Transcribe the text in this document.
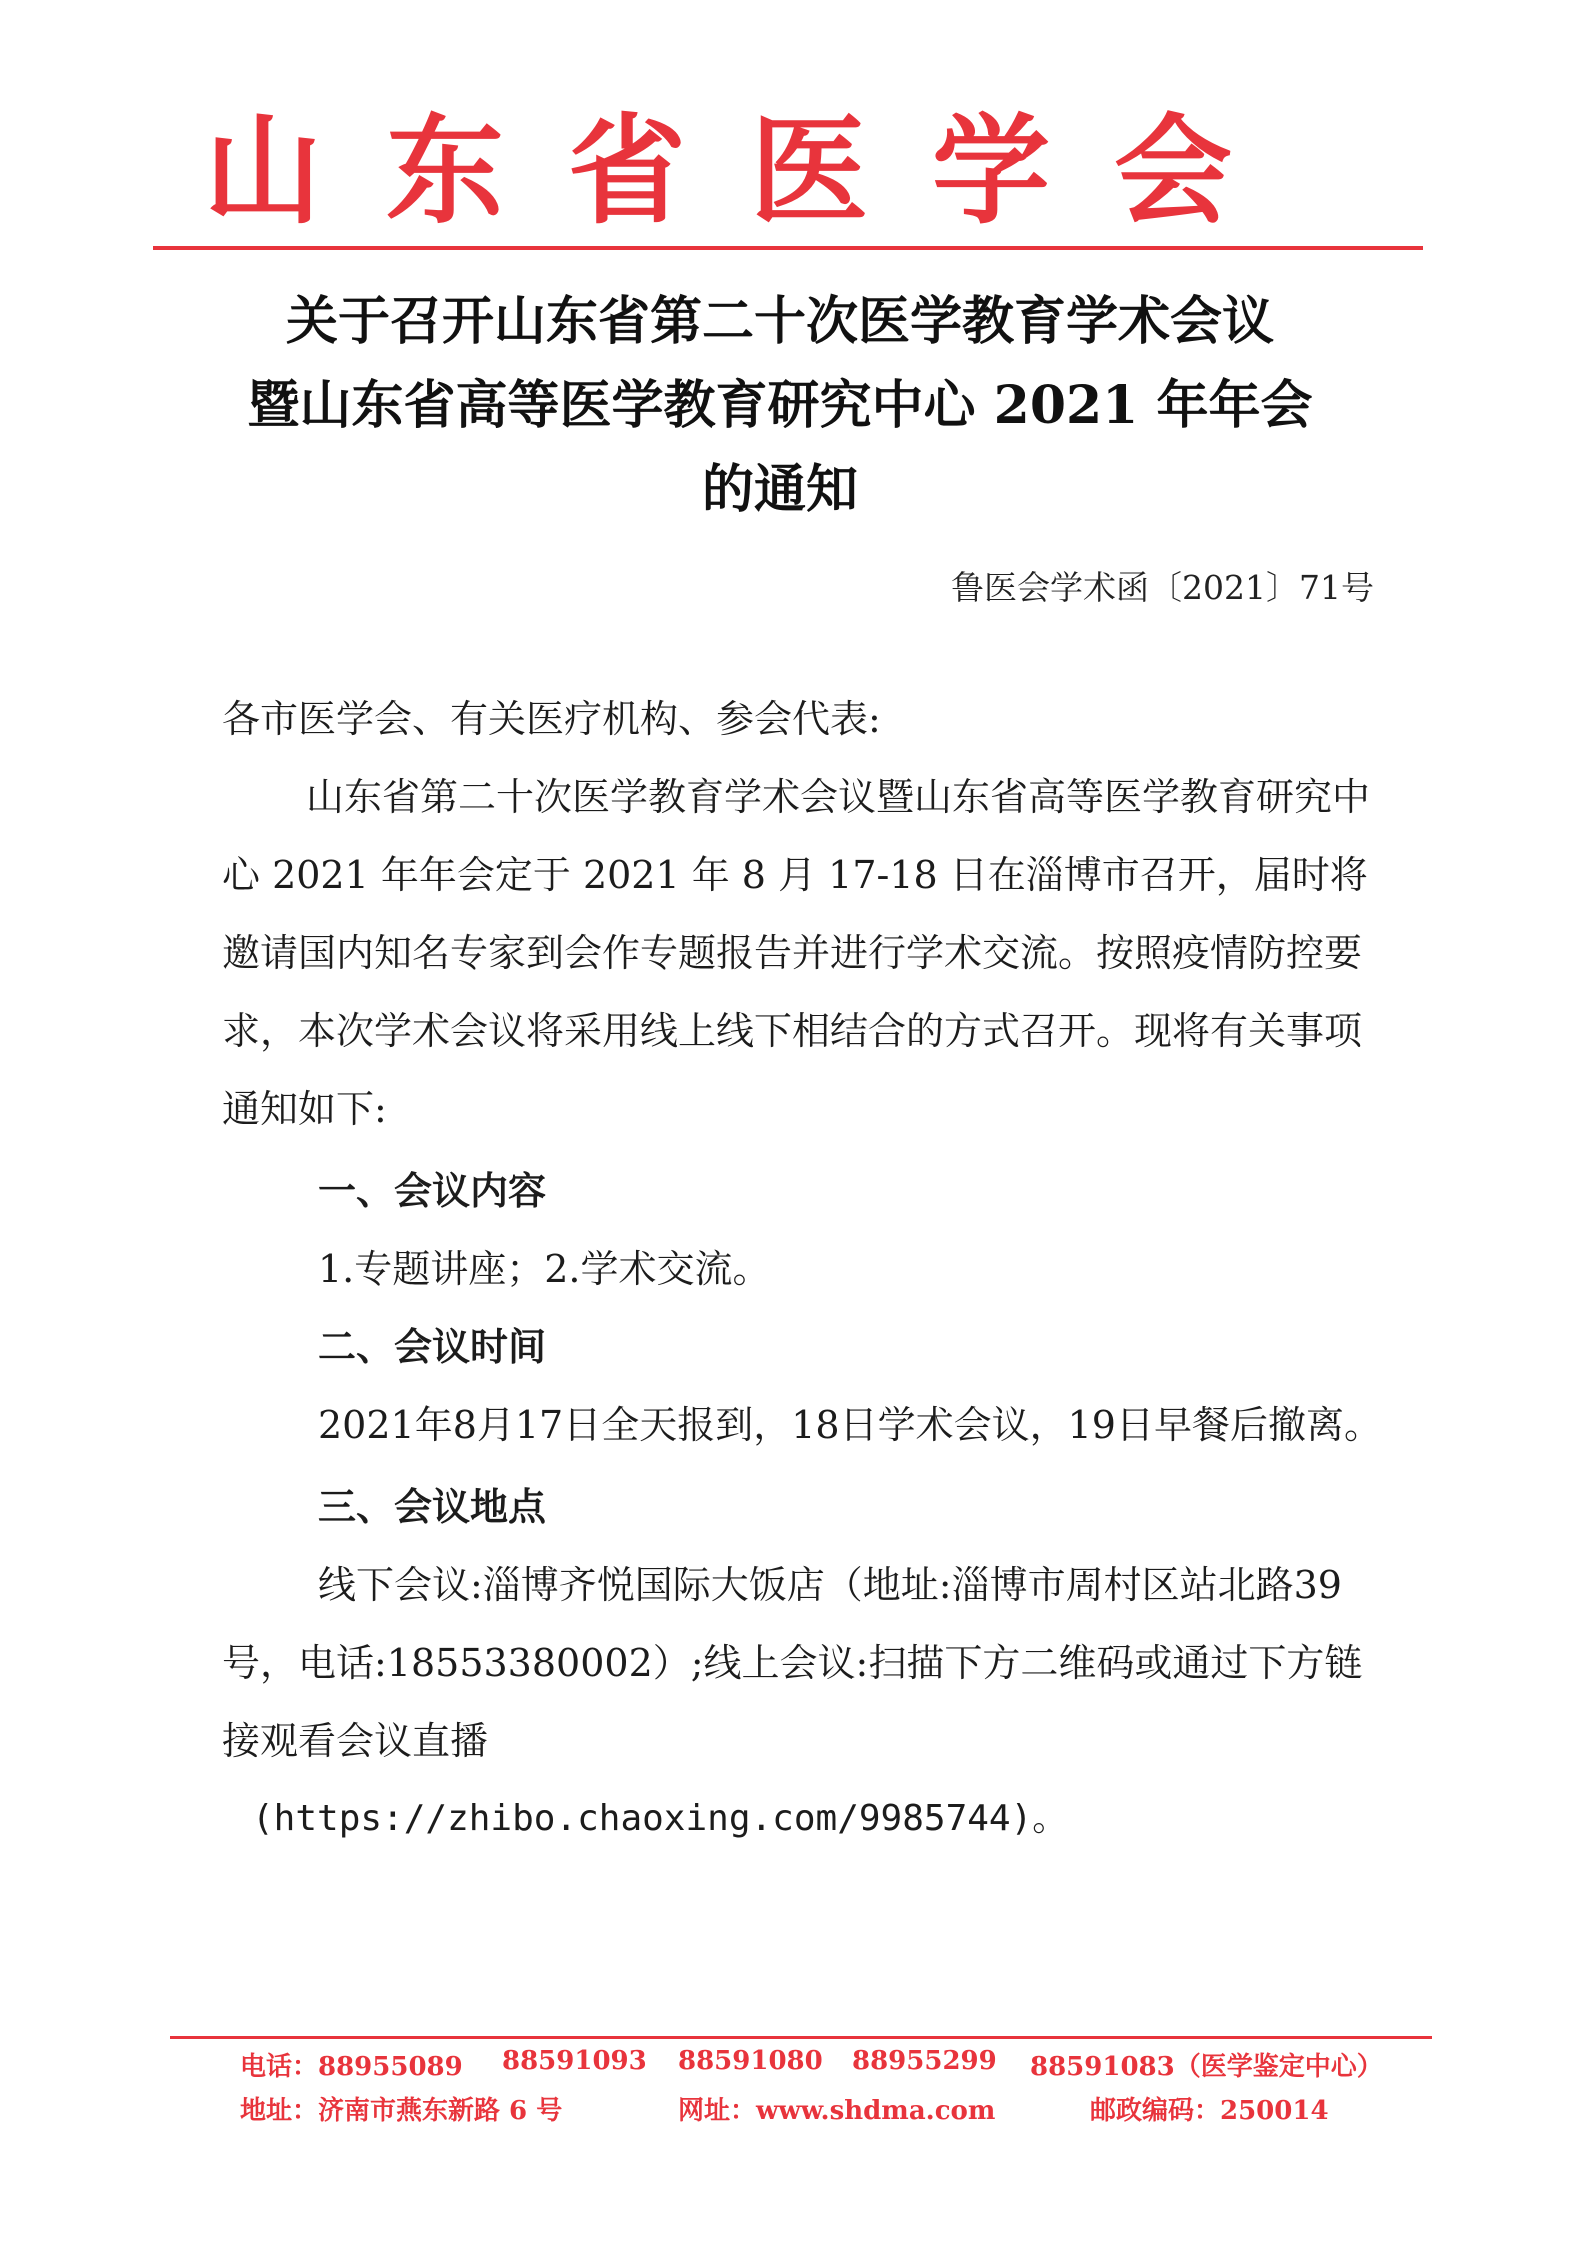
山东省医学会
关于召开山东省第二十次医学教育学术会议
暨山东省高等医学教育研究中心 2021 年年会
的通知
鲁医会学术函〔2021〕71号

各市医学会、有关医疗机构、参会代表:

山东省第二十次医学教育学术会议暨山东省高等医学教育研究中心 2021 年年会定于 2021 年 8 月 17-18 日在淄博市召开，届时将邀请国内知名专家到会作专题报告并进行学术交流。按照疫情防控要求，本次学术会议将采用线上线下相结合的方式召开。现将有关事项通知如下:

一、会议内容

1.专题讲座；2.学术交流。

二、会议时间

2021年8月17日全天报到，18日学术会议，19日早餐后撤离。

三、会议地点

线下会议:淄博齐悦国际大饭店（地址:淄博市周村区站北路39号，电话:18553380002）;线上会议:扫描下方二维码或通过下方链接观看会议直播

(https://zhibo.chaoxing.com/9985744)。

电话：88955089 88591093 88591080 88955299 88591083（医学鉴定中心）
地址：济南市燕东新路 6 号	网址：www.shdma.com	邮政编码：250014
